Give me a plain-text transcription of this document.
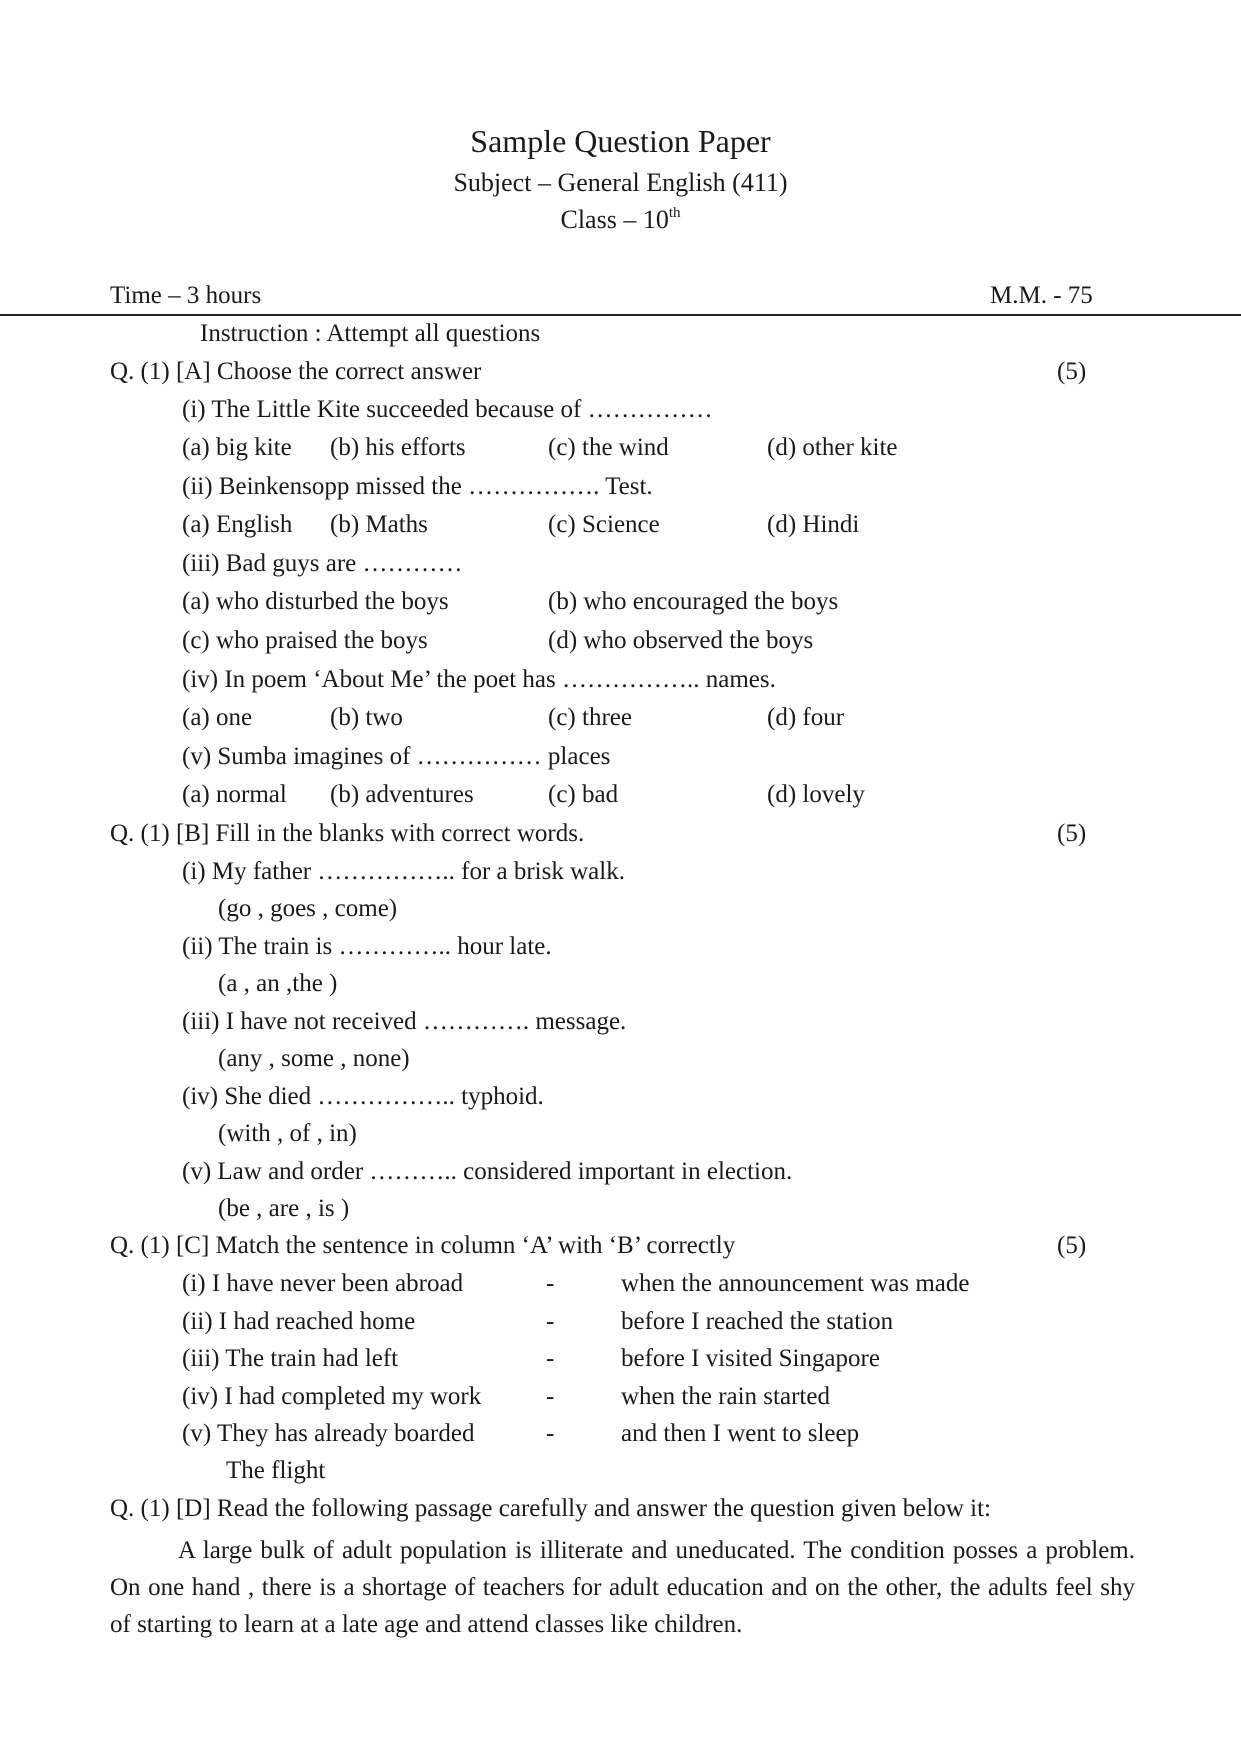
Sample Question Paper
Subject – General English (411)
Class – 10th
Time – 3 hours	M.M. - 75
Instruction : Attempt all questions
Q. (1) [A] Choose the correct answer	(5)
(i) The Little Kite succeeded because of ……………
(a) big kite (b) his efforts	(c) the wind	(d) other kite
(ii) Beinkensopp missed the ……………. Test.
(a) English (b) Maths	(c) Science	(d) Hindi
(iii) Bad guys are …………
(a) who disturbed the boys	(b) who encouraged the boys
(c) who praised the boys	(d) who observed the boys
(iv) In poem ‘About Me’ the poet has …………….. names.
(a) one	(b) two	(c) three	(d) four
(v) Sumba imagines of …………… places
(a) normal (b) adventures	(c) bad	(d) lovely
Q. (1) [B] Fill in the blanks with correct words.	(5)
(i) My father …………….. for a brisk walk.
(go , goes , come)
(ii) The train is ………….. hour late.
(a , an ,the )
(iii) I have not received …………. message.
(any , some , none)
(iv) She died …………….. typhoid.
(with , of , in)
(v) Law and order ……….. considered important in election.
(be , are , is )
Q. (1) [C] Match the sentence in column ‘A’ with ‘B’ correctly	(5)
(i) I have never been abroad	-	when the announcement was made
(ii) I had reached home	-	before I reached the station
(iii) The train had left	-	before I visited Singapore
(iv) I had completed my work	-	when the rain started
(v) They has already boarded	-	and then I went to sleep
The flight
Q. (1) [D] Read the following passage carefully and answer the question given below it:
A large bulk of adult population is illiterate and uneducated. The condition posses a problem. On one hand , there is a shortage of teachers for adult education and on the other, the adults feel shy of starting to learn at a late age and attend classes like children.
